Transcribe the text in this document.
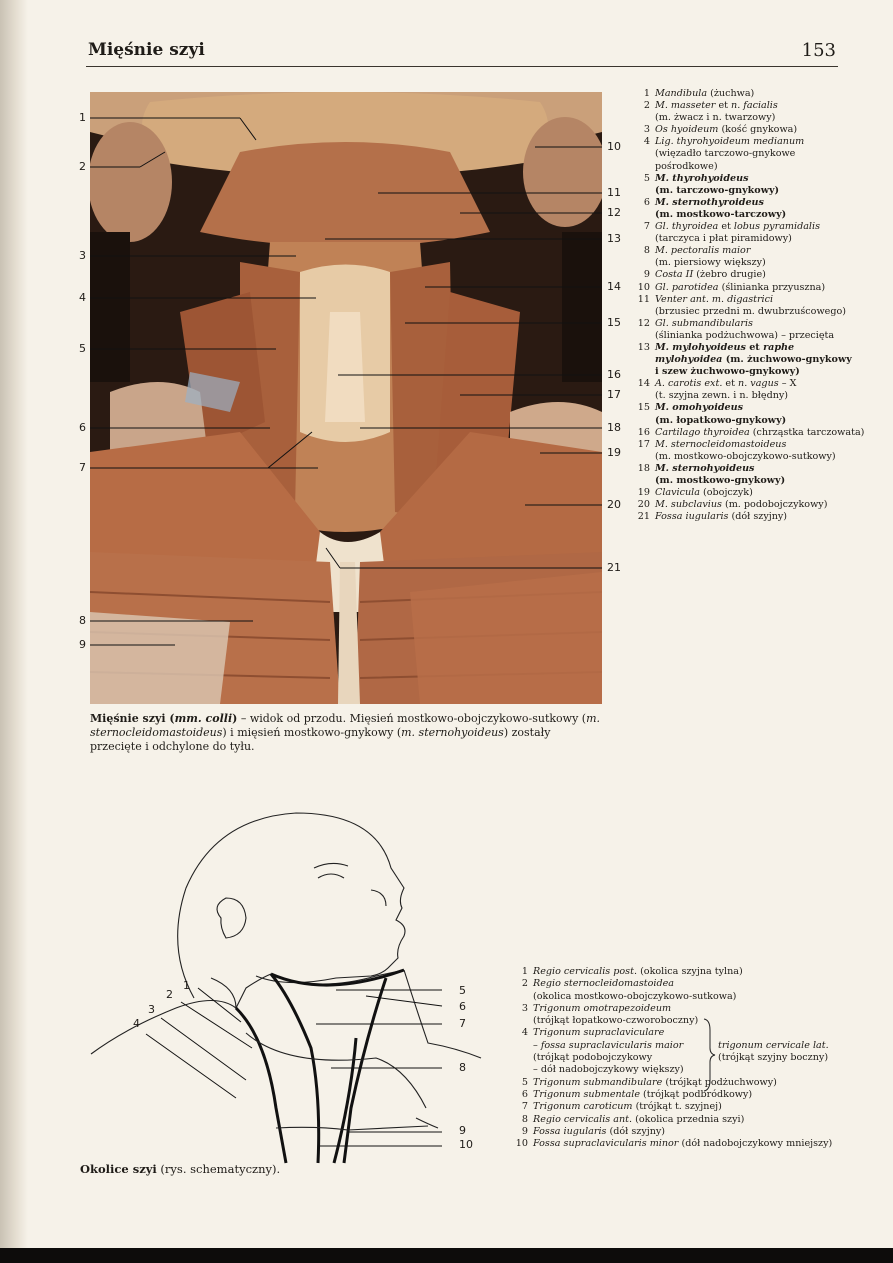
Mięśnie szyi	153
1
2
3
4
5
6
7
8
9
10
11
12
13
14
15
16
17
18
19
20
21
1 Mandibula (żuchwa)
2 M. masseter et n. facialis
(m. żwacz i n. twarzowy)
3 Os hyoideum (kość gnykowa)
4 Lig. thyrohyoideum medianum
(więzadło tarczowo-gnykowe
pośrodkowe)
5 M. thyrohyoideus
(m. tarczowo-gnykowy)
6 M. sternothyroideus
(m. mostkowo-tarczowy)
7 Gl. thyroidea et lobus pyramidalis
(tarczyca i płat piramidowy)
8 M. pectoralis maior
(m. piersiowy większy)
9 Costa II (żebro drugie)
10 Gl. parotidea (ślinianka przyuszna)
11 Venter ant. m. digastrici
(brzusiec przedni m. dwubrzuścowego)
12 Gl. submandibularis
(ślinianka podżuchwowa) – przecięta
13 M. mylohyoideus et raphe
mylohyoidea (m. żuchwowo-gnykowy
i szew żuchwowo-gnykowy)
14 A. carotis ext. et n. vagus – X
(t. szyjna zewn. i n. błędny)
15 M. omohyoideus
(m. łopatkowo-gnykowy)
16 Cartilago thyroidea (chrząstka tarczowata)
17 M. sternocleidomastoideus
(m. mostkowo-obojczykowo-sutkowy)
18 M. sternohyoideus
(m. mostkowo-gnykowy)
19 Clavicula (obojczyk)
20 M. subclavius (m. podobojczykowy)
21 Fossa iugularis (dół szyjny)
Mięśnie szyi (mm. colli) – widok od przodu. Mięsień mostkowo-obojczykowo-sutkowy (m. sternocleidomastoideus) i mięsień mostkowo-gnykowy (m. sternohyoideus) zostały przecięte i odchylone do tyłu.
1
2
3
4
5
6
7
8
9
10
Okolice szyi (rys. schematyczny).
1 Regio cervicalis post. (okolica szyjna tylna)
2 Regio sternocleidomastoidea
(okolica mostkowo-obojczykowo-sutkowa)
3 Trigonum omotrapezoideum
(trójkąt łopatkowo-czworoboczny)
4 Trigonum supraclaviculare
– fossa supraclavicularis maior
(trójkąt podobojczykowy
– dół nadobojczykowy większy)
5 Trigonum submandibulare (trójkąt podżuchwowy)
6 Trigonum submentale (trójkąt podbródkowy)
7 Trigonum caroticum (trójkąt t. szyjnej)
8 Regio cervicalis ant. (okolica przednia szyi)
9 Fossa iugularis (dół szyjny)
10 Fossa supraclavicularis minor (dół nadobojczykowy mniejszy)
trigonum cervicale lat.
(trójkąt szyjny boczny)
